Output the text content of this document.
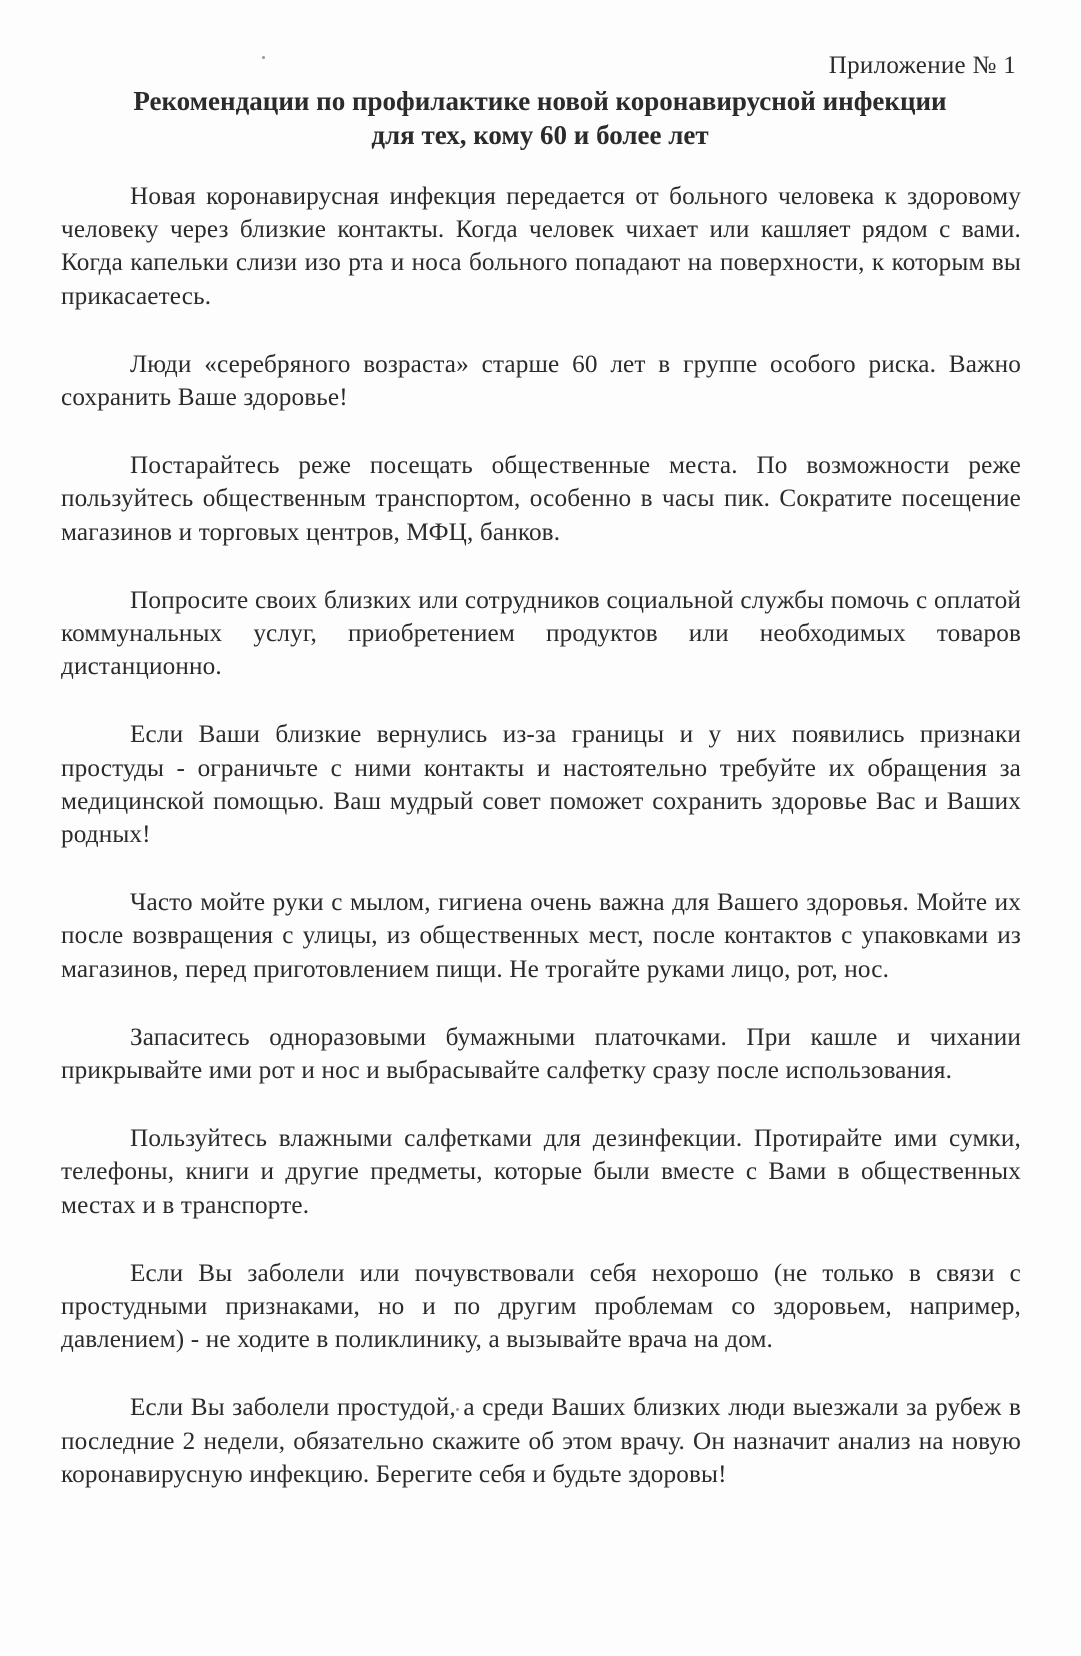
Приложение № 1
Рекомендации по профилактике новой коронавирусной инфекции
для тех, кому 60 и более лет

Новая коронавирусная инфекция передается от больного человека к здоровому человеку через близкие контакты. Когда человек чихает или кашляет рядом с вами. Когда капельки слизи изо рта и носа больного попадают на поверхности, к которым вы прикасаетесь.

Люди «серебряного возраста» старше 60 лет в группе особого риска. Важно сохранить Ваше здоровье!

Постарайтесь реже посещать общественные места. По возможности реже пользуйтесь общественным транспортом, особенно в часы пик. Сократите посещение магазинов и торговых центров, МФЦ, банков.

Попросите своих близких или сотрудников социальной службы помочь с оплатой коммунальных услуг, приобретением продуктов или необходимых товаров дистанционно.

Если Ваши близкие вернулись из-за границы и у них появились признаки простуды - ограничьте с ними контакты и настоятельно требуйте их обращения за медицинской помощью. Ваш мудрый совет поможет сохранить здоровье Вас и Ваших родных!

Часто мойте руки с мылом, гигиена очень важна для Вашего здоровья. Мойте их после возвращения с улицы, из общественных мест, после контактов с упаковками из магазинов, перед приготовлением пищи. Не трогайте руками лицо, рот, нос.

Запаситесь одноразовыми бумажными платочками. При кашле и чихании прикрывайте ими рот и нос и выбрасывайте салфетку сразу после использования.

Пользуйтесь влажными салфетками для дезинфекции. Протирайте ими сумки, телефоны, книги и другие предметы, которые были вместе с Вами в общественных местах и в транспорте.

Если Вы заболели или почувствовали себя нехорошо (не только в связи с простудными признаками, но и по другим проблемам со здоровьем, например, давлением) - не ходите в поликлинику, а вызывайте врача на дом.

Если Вы заболели простудой, а среди Ваших близких люди выезжали за рубеж в последние 2 недели, обязательно скажите об этом врачу. Он назначит анализ на новую коронавирусную инфекцию. Берегите себя и будьте здоровы!
